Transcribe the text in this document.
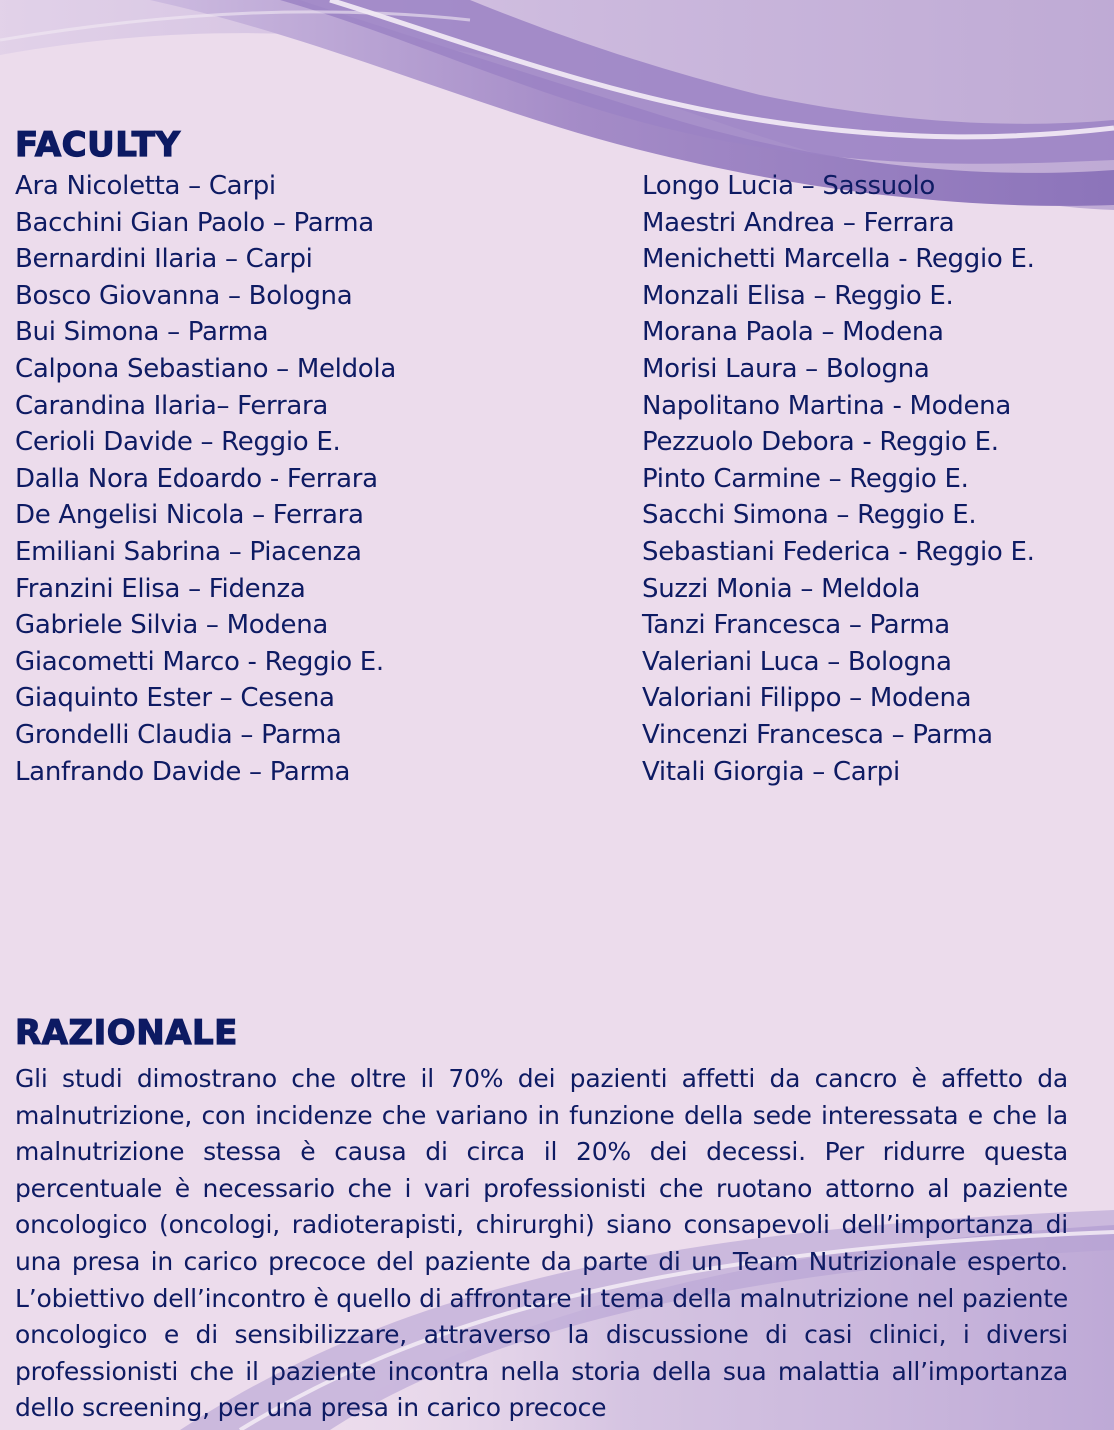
FACULTY
Ara Nicoletta – Carpi
Bacchini Gian Paolo – Parma
Bernardini Ilaria – Carpi
Bosco Giovanna – Bologna
Bui Simona – Parma
Calpona Sebastiano – Meldola
Carandina Ilaria– Ferrara
Cerioli Davide – Reggio E.
Dalla Nora Edoardo - Ferrara
De Angelisi Nicola – Ferrara
Emiliani Sabrina – Piacenza
Franzini Elisa – Fidenza
Gabriele Silvia – Modena
Giacometti Marco - Reggio E.
Giaquinto Ester – Cesena
Grondelli Claudia – Parma
Lanfrando Davide – Parma
Longo Lucia – Sassuolo
Maestri Andrea – Ferrara
Menichetti Marcella - Reggio E.
Monzali Elisa – Reggio E.
Morana Paola – Modena
Morisi Laura – Bologna
Napolitano Martina - Modena
Pezzuolo Debora - Reggio E.
Pinto Carmine – Reggio E.
Sacchi Simona – Reggio E.
Sebastiani Federica - Reggio E.
Suzzi Monia – Meldola
Tanzi Francesca – Parma
Valeriani Luca – Bologna
Valoriani Filippo – Modena
Vincenzi Francesca – Parma
Vitali Giorgia – Carpi
RAZIONALE

Gli studi dimostrano che oltre il 70% dei pazienti affetti da cancro è affetto da malnutrizione, con incidenze che variano in funzione della sede interessata e che la malnutrizione stessa è causa di circa il 20% dei decessi. Per ridurre questa percentuale è necessario che i vari professionisti che ruotano attorno al paziente oncologico (oncologi, radioterapisti, chirurghi) siano consapevoli dell’importanza di una presa in carico precoce del paziente da parte di un Team Nutrizionale esperto. L’obiettivo dell’incontro è quello di affrontare il tema della malnutrizione nel paziente oncologico e di sensibilizzare, attraverso la discussione di casi clinici, i diversi professionisti che il paziente incontra nella storia della sua malattia all’importanza dello screening, per una presa in carico precoce
